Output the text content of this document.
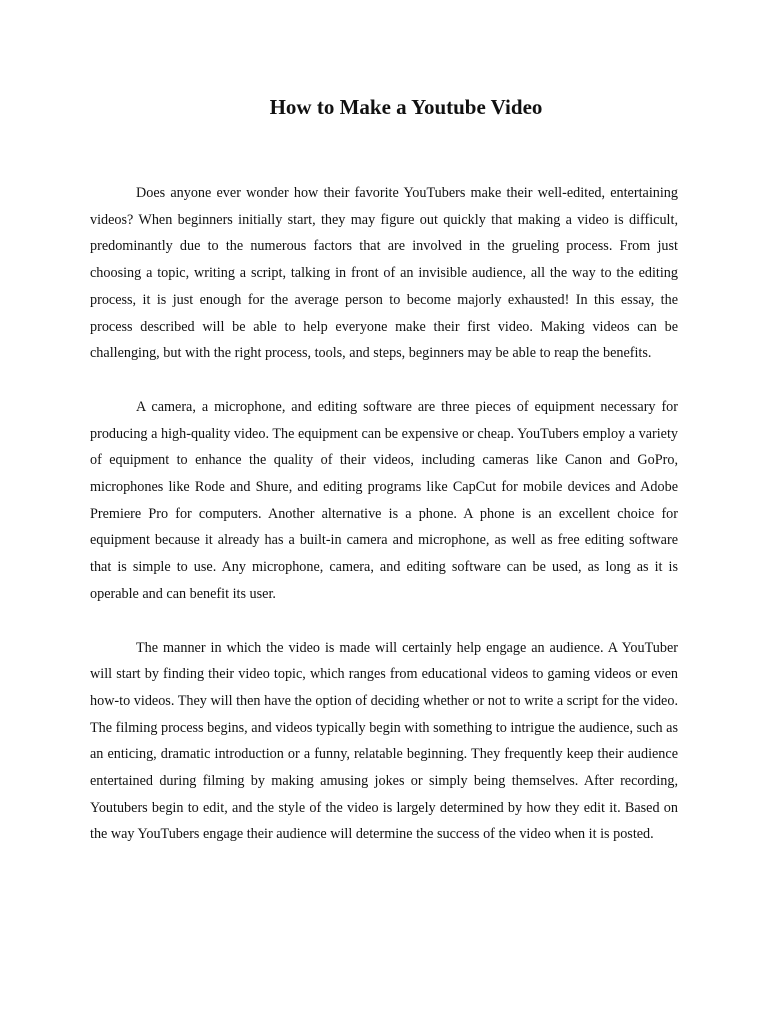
How to Make a Youtube Video

Does anyone ever wonder how their favorite YouTubers make their well-edited, entertaining videos? When beginners initially start, they may figure out quickly that making a video is difficult, predominantly due to the numerous factors that are involved in the grueling process. From just choosing a topic, writing a script, talking in front of an invisible audience, all the way to the editing process, it is just enough for the average person to become majorly exhausted! In this essay, the process described will be able to help everyone make their first video. Making videos can be challenging, but with the right process, tools, and steps, beginners may be able to reap the benefits.

A camera, a microphone, and editing software are three pieces of equipment necessary for producing a high-quality video. The equipment can be expensive or cheap. YouTubers employ a variety of equipment to enhance the quality of their videos, including cameras like Canon and GoPro, microphones like Rode and Shure, and editing programs like CapCut for mobile devices and Adobe Premiere Pro for computers. Another alternative is a phone. A phone is an excellent choice for equipment because it already has a built-in camera and microphone, as well as free editing software that is simple to use. Any microphone, camera, and editing software can be used, as long as it is operable and can benefit its user.

The manner in which the video is made will certainly help engage an audience. A YouTuber will start by finding their video topic, which ranges from educational videos to gaming videos or even how-to videos. They will then have the option of deciding whether or not to write a script for the video. The filming process begins, and videos typically begin with something to intrigue the audience, such as an enticing, dramatic introduction or a funny, relatable beginning. They frequently keep their audience entertained during filming by making amusing jokes or simply being themselves. After recording, Youtubers begin to edit, and the style of the video is largely determined by how they edit it. Based on the way YouTubers engage their audience will determine the success of the video when it is posted.
